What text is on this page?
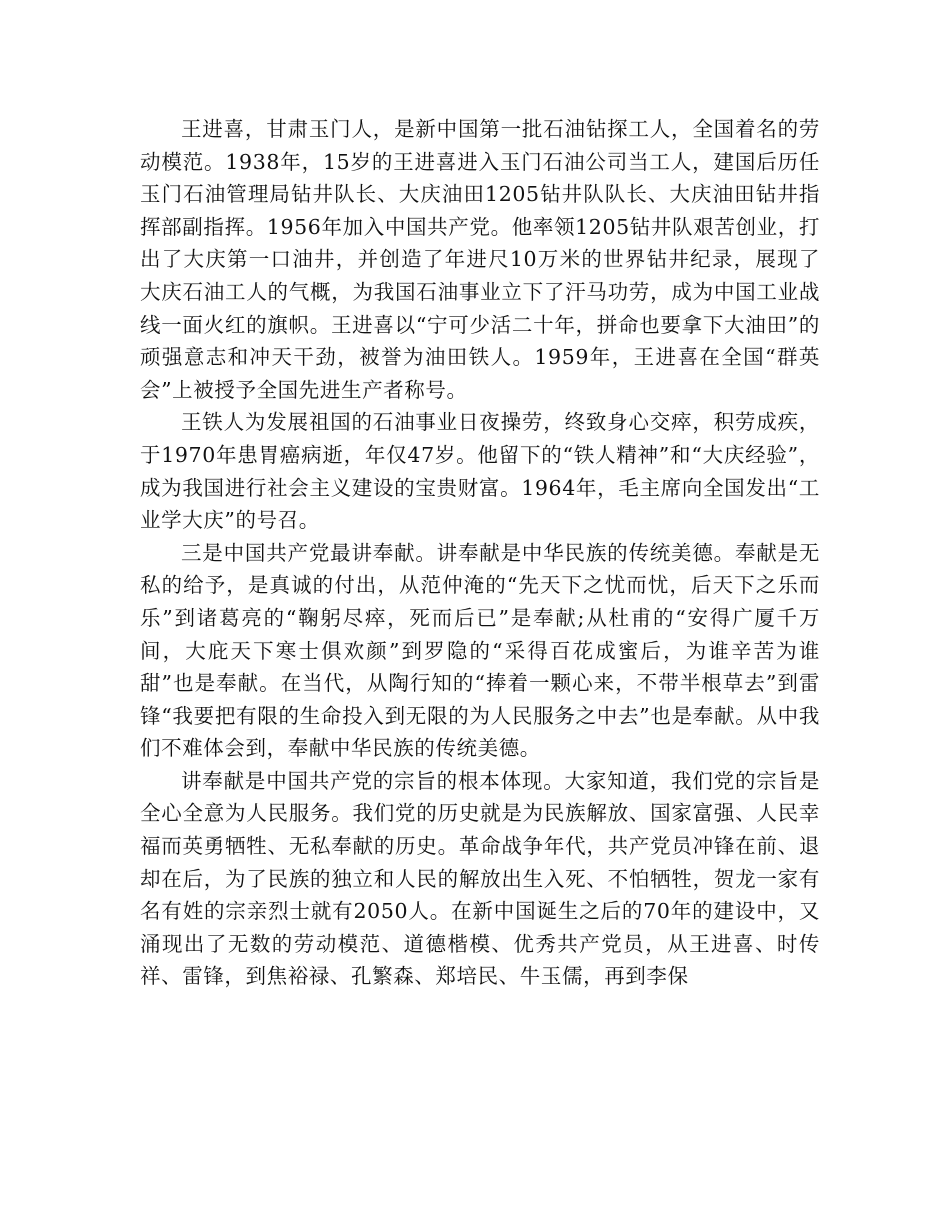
王进喜，甘肃玉门人，是新中国第一批石油钻探工人，全国着名的劳动模范。1938年，15岁的王进喜进入玉门石油公司当工人，建国后历任玉门石油管理局钻井队长、大庆油田1205钻井队队长、大庆油田钻井指挥部副指挥。1956年加入中国共产党。他率领1205钻井队艰苦创业，打出了大庆第一口油井，并创造了年进尺10万米的世界钻井纪录，展现了大庆石油工人的气概，为我国石油事业立下了汗马功劳，成为中国工业战线一面火红的旗帜。王进喜以“宁可少活二十年，拼命也要拿下大油田”的顽强意志和冲天干劲，被誉为油田铁人。1959年，王进喜在全国“群英会”上被授予全国先进生产者称号。

王铁人为发展祖国的石油事业日夜操劳，终致身心交瘁，积劳成疾，于1970年患胃癌病逝，年仅47岁。他留下的“铁人精神”和“大庆经验”，成为我国进行社会主义建设的宝贵财富。1964年，毛主席向全国发出“工业学大庆”的号召。

三是中国共产党最讲奉献。讲奉献是中华民族的传统美德。奉献是无私的给予，是真诚的付出，从范仲淹的“先天下之忧而忧，后天下之乐而乐”到诸葛亮的“鞠躬尽瘁，死而后已”是奉献;从杜甫的“安得广厦千万间，大庇天下寒士俱欢颜”到罗隐的“采得百花成蜜后，为谁辛苦为谁甜”也是奉献。在当代，从陶行知的“捧着一颗心来，不带半根草去”到雷锋“我要把有限的生命投入到无限的为人民服务之中去”也是奉献。从中我们不难体会到，奉献中华民族的传统美德。

讲奉献是中国共产党的宗旨的根本体现。大家知道，我们党的宗旨是全心全意为人民服务。我们党的历史就是为民族解放、国家富强、人民幸福而英勇牺牲、无私奉献的历史。革命战争年代，共产党员冲锋在前、退却在后，为了民族的独立和人民的解放出生入死、不怕牺牲，贺龙一家有名有姓的宗亲烈士就有2050人。在新中国诞生之后的70年的建设中，又涌现出了无数的劳动模范、道德楷模、优秀共产党员，从王进喜、时传祥、雷锋，到焦裕禄、孔繁森、郑培民、牛玉儒，再到李保
